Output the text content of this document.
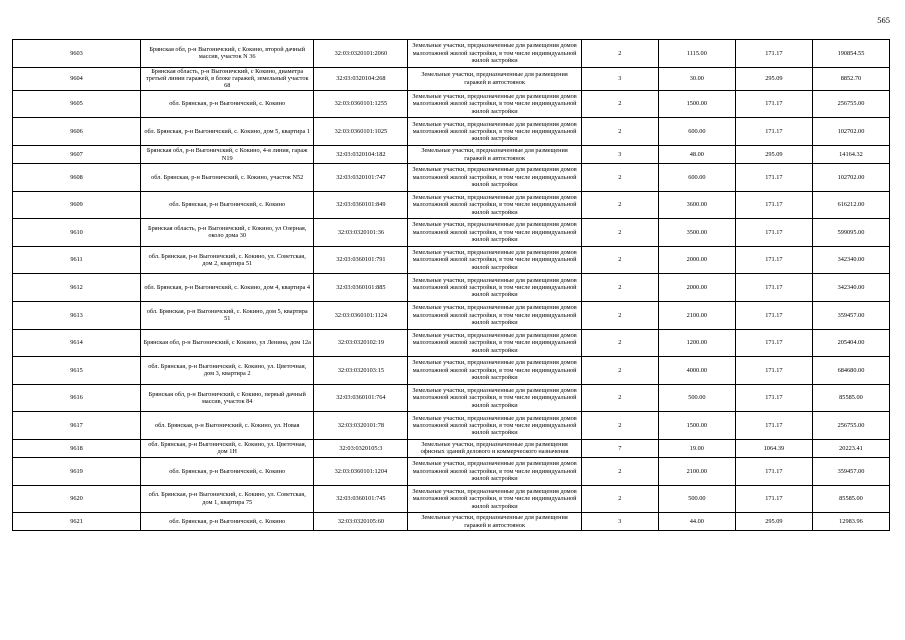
565
9603	Брянская обл, р-н Выгоничский, с Кокино, второй дачный массив, участок N 36	32:03:0320101:2060	Земельные участки, предназначенные для размещения домов малоэтажной жилой застройки, в том числе индивидуальной жилой застройки	2	1115.00	171.17	190854.55
9604	Брянская область, р-н Выгоничский, с Кокино, диаметра третьей линии гаражей, в блоке гаражей, земельный участок 68	32:03:0320104:268	Земельные участки, предназначенные для размещения гаражей и автостоянок	3	30.00	295.09	8852.70
9605	обл. Брянская, р-н Выгоничский, с. Кокино	32:03:0360101:1255	Земельные участки, предназначенные для размещения домов малоэтажной жилой застройки, в том числе индивидуальной жилой застройки	2	1500.00	171.17	256755.00
9606	обл. Брянская, р-н Выгоничский, с. Кокино, дом 5, квартира 1	32:03:0360101:1025	Земельные участки, предназначенные для размещения домов малоэтажной жилой застройки, в том числе индивидуальной жилой застройки	2	600.00	171.17	102702.00
9607	Брянская обл, р-н Выгоничский, с Кокино, 4-я линия, гараж N19	32:03:0320104:182	Земельные участки, предназначенные для размещения гаражей и автостоянок	3	48.00	295.09	14164.32
9608	обл. Брянская, р-н Выгоничский, с. Кокино, участок N52	32:03:0320101:747	Земельные участки, предназначенные для размещения домов малоэтажной жилой застройки, в том числе индивидуальной жилой застройки	2	600.00	171.17	102702.00
9609	обл. Брянская, р-н Выгоничский, с. Кокино	32:03:0360101:849	Земельные участки, предназначенные для размещения домов малоэтажной жилой застройки, в том числе индивидуальной жилой застройки	2	3600.00	171.17	616212.00
9610	Брянская область, р-н Выгоничский, с Кокино, ул Озерная, около дома 30	32:03:0320101:36	Земельные участки, предназначенные для размещения домов малоэтажной жилой застройки, в том числе индивидуальной жилой застройки	2	3500.00	171.17	599095.00
9611	обл. Брянская, р-н Выгоничский, с. Кокино, ул. Советская, дом 2, квартира 51	32:03:0360101:791	Земельные участки, предназначенные для размещения домов малоэтажной жилой застройки, в том числе индивидуальной жилой застройки	2	2000.00	171.17	342340.00
9612	обл. Брянская, р-н Выгоничский, с. Кокино, дом 4, квартира 4	32:03:0360101:885	Земельные участки, предназначенные для размещения домов малоэтажной жилой застройки, в том числе индивидуальной жилой застройки	2	2000.00	171.17	342340.00
9613	обл. Брянская, р-н Выгоничский, с. Кокино, дом 5, квартира 51	32:03:0360101:1124	Земельные участки, предназначенные для размещения домов малоэтажной жилой застройки, в том числе индивидуальной жилой застройки	2	2100.00	171.17	359457.00
9614	Брянская обл, р-н Выгоничский, с Кокино, ул Ленина, дом 12а	32:03:0320102:19	Земельные участки, предназначенные для размещения домов малоэтажной жилой застройки, в том числе индивидуальной жилой застройки	2	1200.00	171.17	205404.00
9615	обл. Брянская, р-н Выгоничский, с. Кокино, ул. Цветочная, дом 3, квартира 2	32:03:0320103:15	Земельные участки, предназначенные для размещения домов малоэтажной жилой застройки, в том числе индивидуальной жилой застройки	2	4000.00	171.17	684680.00
9616	Брянская обл, р-н Выгоничский, с Кокино, первый дачный массив, участок 84	32:03:0360101:764	Земельные участки, предназначенные для размещения домов малоэтажной жилой застройки, в том числе индивидуальной жилой застройки	2	500.00	171.17	85585.00
9617	обл. Брянская, р-н Выгоничский, с. Кокино, ул. Новая	32:03:0320101:78	Земельные участки, предназначенные для размещения домов малоэтажной жилой застройки, в том числе индивидуальной жилой застройки	2	1500.00	171.17	256755.00
9618	обл. Брянская, р-н Выгоничский, с. Кокино, ул. Цветочная, дом 1Н	32:03:0320105:3	Земельные участки, предназначенные для размещения офисных зданий делового и коммерческого назначения	7	19.00	1064.39	20223.41
9619	обл. Брянская, р-н Выгоничский, с. Кокино	32:03:0360101:1204	Земельные участки, предназначенные для размещения домов малоэтажной жилой застройки, в том числе индивидуальной жилой застройки	2	2100.00	171.17	359457.00
9620	обл. Брянская, р-н Выгоничский, с. Кокино, ул. Советская, дом 1, квартира 75	32:03:0360101:745	Земельные участки, предназначенные для размещения домов малоэтажной жилой застройки, в том числе индивидуальной жилой застройки	2	500.00	171.17	85585.00
9621	обл. Брянская, р-н Выгоничский, с. Кокино	32:03:0320105:60	Земельные участки, предназначенные для размещения гаражей и автостоянок	3	44.00	295.09	12983.96
